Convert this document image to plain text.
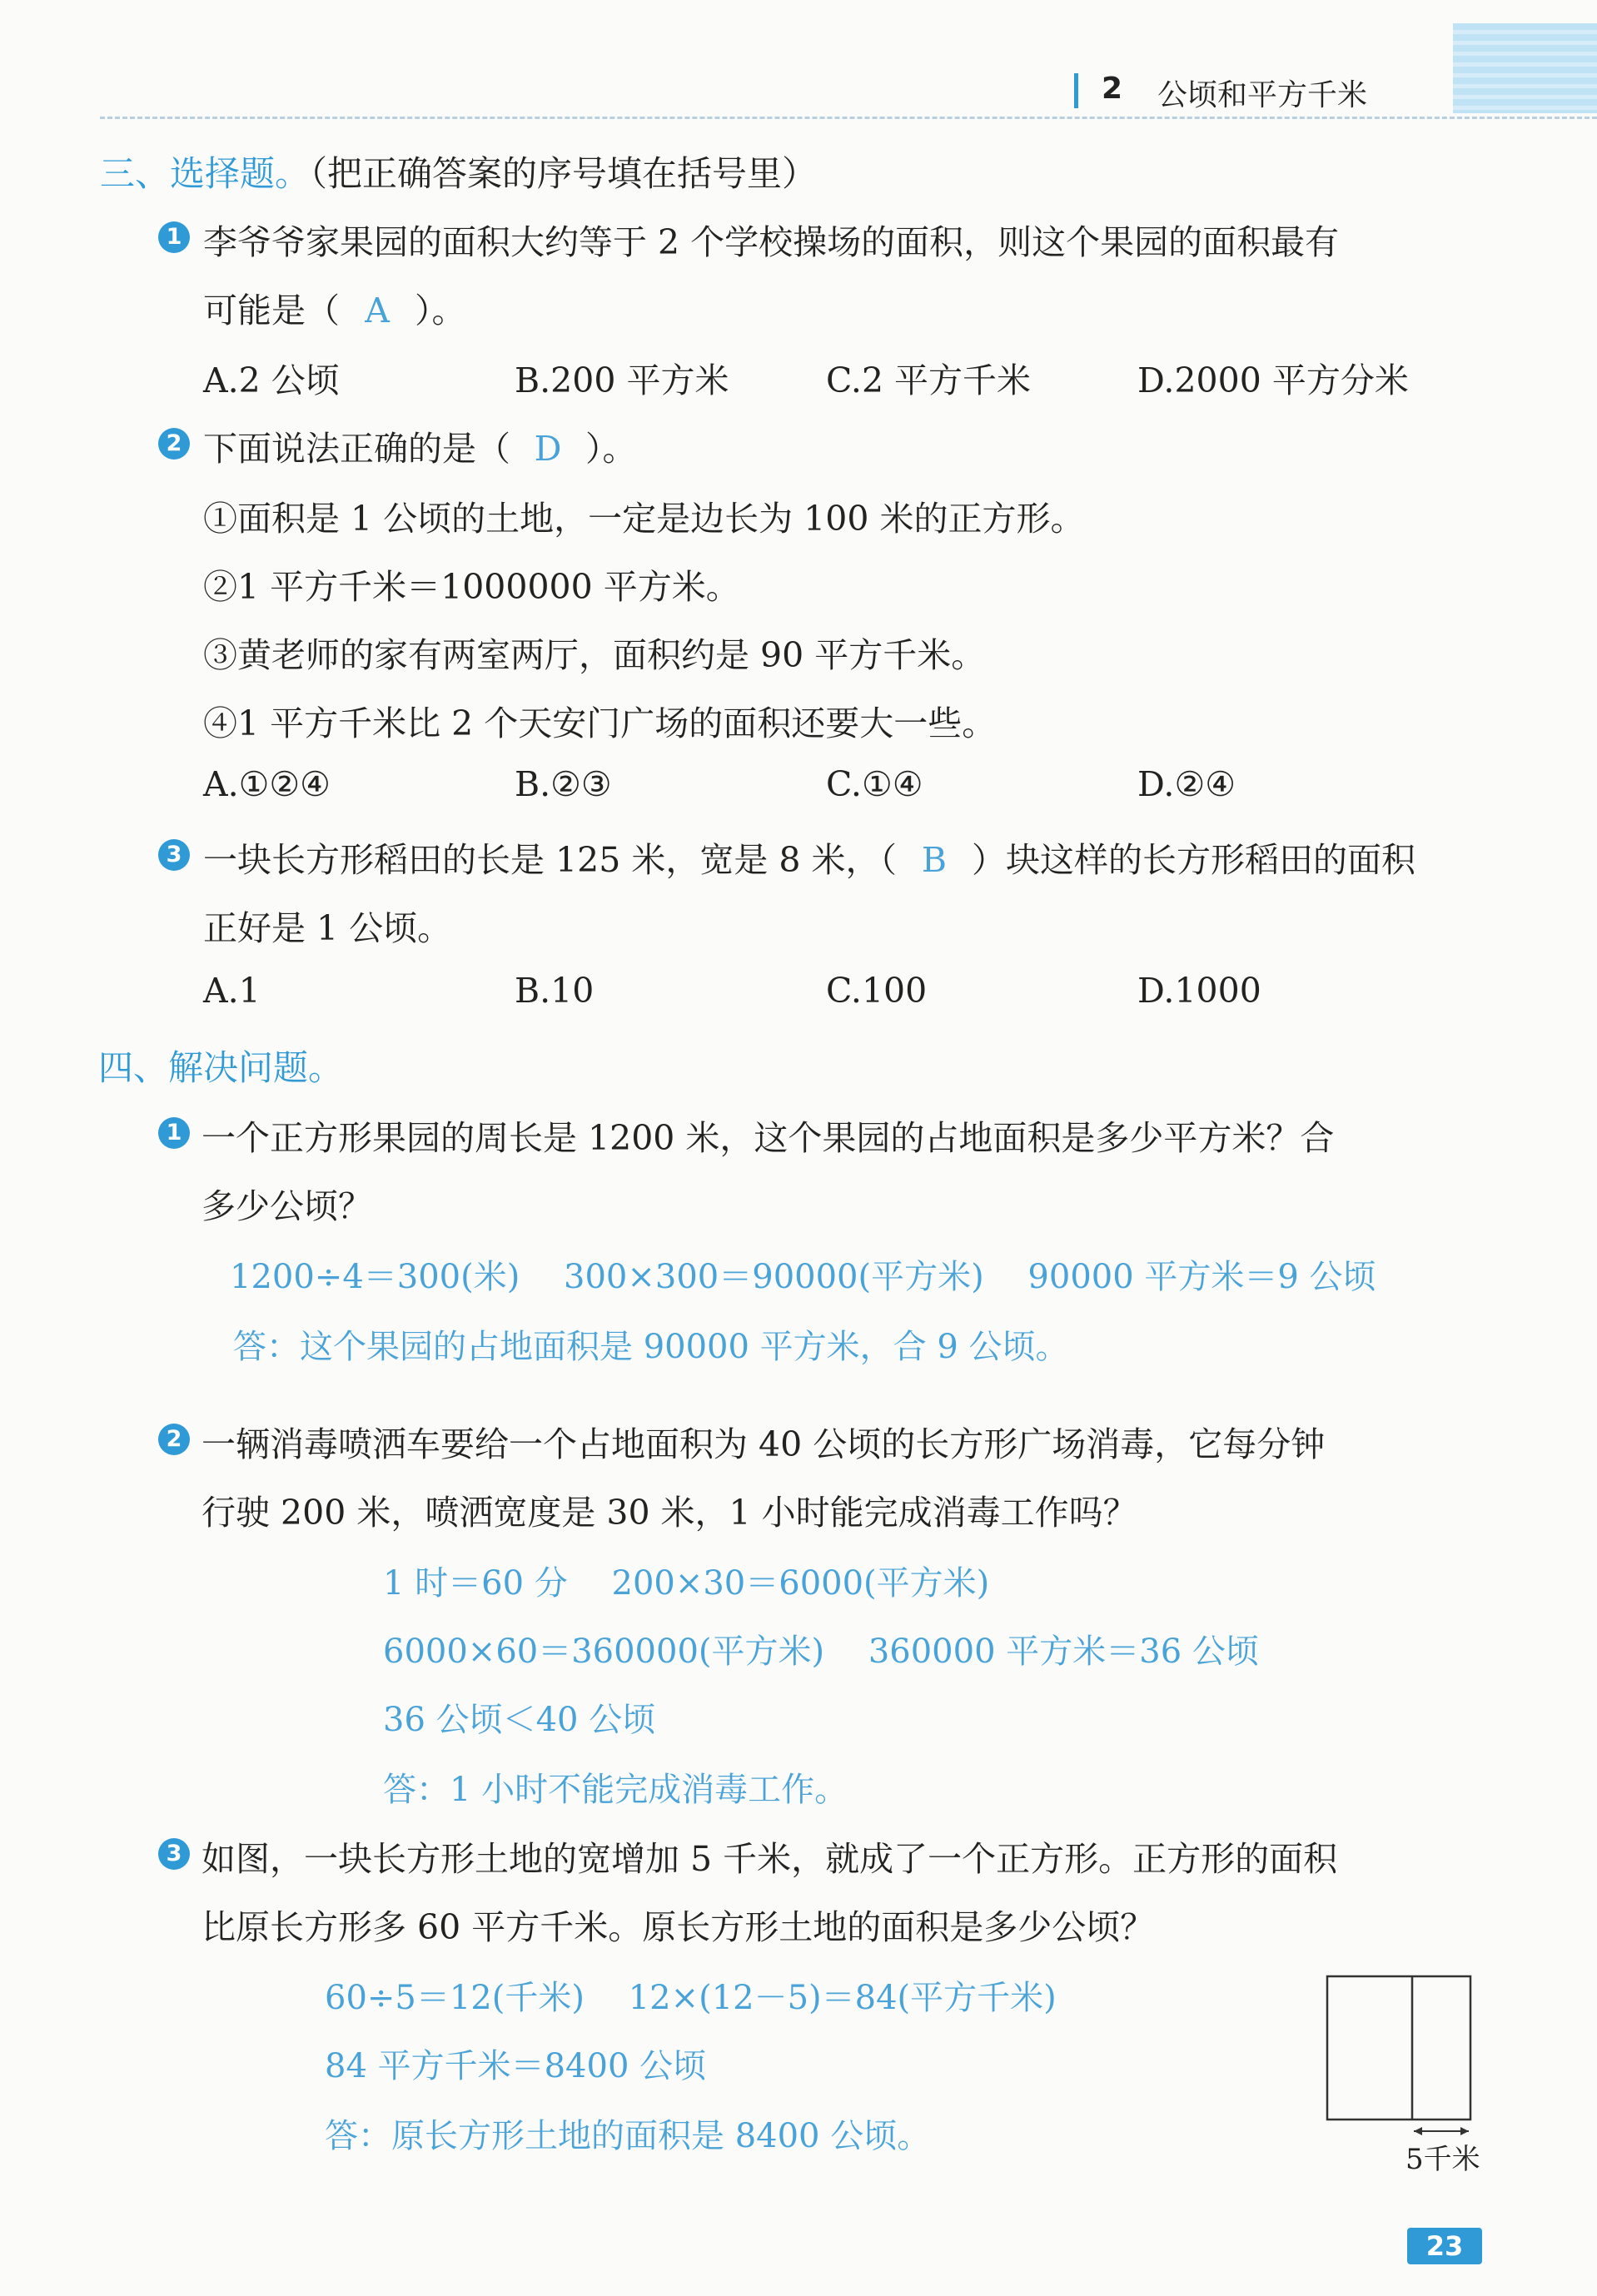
2 公顷和平方千米
三、选择题。（把正确答案的序号填在括号里）
1 李爷爷家果园的面积大约等于 2 个学校操场的面积，则这个果园的面积最有
可能是（ A ）。
A.2 公顷	B.200 平方米	C.2 平方千米	D.2000 平方分米
2 下面说法正确的是（ D ）。
①面积是 1 公顷的土地，一定是边长为 100 米的正方形。
②1 平方千米＝1000000 平方米。
③黄老师的家有两室两厅，面积约是 90 平方千米。
④1 平方千米比 2 个天安门广场的面积还要大一些。
A.①②④	B.②③	C.①④	D.②④
3 一块长方形稻田的长是 125 米，宽是 8 米，（ B ）块这样的长方形稻田的面积
正好是 1 公顷。
A.1	B.10	C.100	D.1000
四、解决问题。
1 一个正方形果园的周长是 1200 米，这个果园的占地面积是多少平方米？合
多少公顷？
1200÷4＝300(米)　 300×300＝90000(平方米)　 90000 平方米＝9 公顷
答：这个果园的占地面积是 90000 平方米，合 9 公顷。
2 一辆消毒喷洒车要给一个占地面积为 40 公顷的长方形广场消毒，它每分钟
行驶 200 米，喷洒宽度是 30 米，1 小时能完成消毒工作吗？
1 时＝60 分　 200×30＝6000(平方米)
6000×60＝360000(平方米)　 360000 平方米＝36 公顷
36 公顷＜40 公顷
答：1 小时不能完成消毒工作。
3 如图，一块长方形土地的宽增加 5 千米，就成了一个正方形。正方形的面积
比原长方形多 60 平方千米。原长方形土地的面积是多少公顷？
60÷5＝12(千米)　 12×(12－5)＝84(平方千米)
84 平方千米＝8400 公顷
答：原长方形土地的面积是 8400 公顷。
5千米
23
